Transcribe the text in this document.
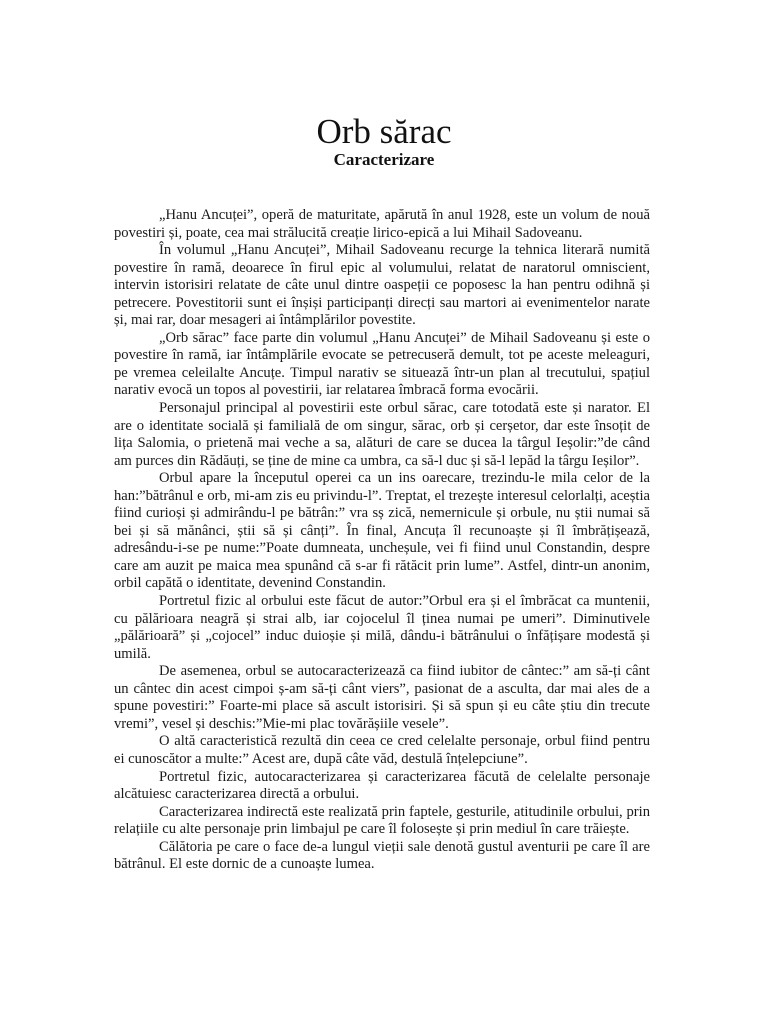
Orb sărac
Caracterizare

„Hanu Ancuței”, operă de maturitate, apărută în anul 1928, este un volum de nouă povestiri și, poate, cea mai strălucită creație lirico-epică a lui Mihail Sadoveanu.

În volumul „Hanu Ancuței”, Mihail Sadoveanu recurge la tehnica literară numită povestire în ramă, deoarece în firul epic al volumului, relatat de naratorul omniscient, intervin istorisiri relatate de câte unul dintre oaspeții ce poposesc la han pentru odihnă și petrecere. Povestitorii sunt ei înșiși participanți direcți sau martori ai evenimentelor narate și, mai rar, doar mesageri ai întâmplărilor povestite.

„Orb sărac” face parte din volumul „Hanu Ancuței” de Mihail Sadoveanu și este o povestire în ramă, iar întâmplările evocate se petrecuseră demult, tot pe aceste meleaguri, pe vremea celeilalte Ancuțe. Timpul narativ se situează într-un plan al trecutului, spațiul narativ evocă un topos al povestirii, iar relatarea îmbracă forma evocării.

Personajul principal al povestirii este orbul sărac, care totodată este și narator. El are o identitate socială și familială de om singur, sărac, orb și cerșetor, dar este însoțit de lița Salomia, o prietenă mai veche a sa, alături de care se ducea la târgul Ieșolir:”de când am purces din Rădăuți, se ține de mine ca umbra, ca să-l duc și să-l lepăd la târgu Ieșilor”.

Orbul apare la începutul operei ca un ins oarecare, trezindu-le mila celor de la han:”bătrânul e orb, mi-am zis eu privindu-l”. Treptat, el trezește interesul celorlalți, aceștia fiind curioși și admirându-l pe bătrân:” vra sș zică, nemernicule și orbule, nu știi numai să bei și să mănânci, știi să și cânți”. În final, Ancuța îl recunoaște și îl îmbrățișează, adresându-i-se pe nume:”Poate dumneata, uncheșule, vei fi fiind unul Constandin, despre care am auzit pe maica mea spunând că s-ar fi rătăcit prin lume”. Astfel, dintr-un anonim, orbil capătă o identitate, devenind Constandin.

Portretul fizic al orbului este făcut de autor:”Orbul era și el îmbrăcat ca muntenii, cu pălărioara neagră și strai alb, iar cojocelul îl ținea numai pe umeri”. Diminutivele „pălărioară” și „cojocel” induc duioșie și milă, dându-i bătrânului o înfățișare modestă și umilă.

De asemenea, orbul se autocaracterizează ca fiind iubitor de cântec:” am să-ți cânt un cântec din acest cimpoi ș-am să-ți cânt viers”, pasionat de a asculta, dar mai ales de a spune povestiri:” Foarte-mi place să ascult istorisiri. Și să spun și eu câte știu din trecute vremi”, vesel și deschis:”Mie-mi plac tovărășiile vesele”.

O altă caracteristică rezultă din ceea ce cred celelalte personaje, orbul fiind pentru ei cunoscător a multe:” Acest are, după câte văd, destulă înțelepciune”.

Portretul fizic, autocaracterizarea și caracterizarea făcută de celelalte personaje alcătuiesc caracterizarea directă a orbului.

Caracterizarea indirectă este realizată prin faptele, gesturile, atitudinile orbului, prin relațiile cu alte personaje prin limbajul pe care îl folosește și prin mediul în care trăiește.

Călătoria pe care o face de-a lungul vieții sale denotă gustul aventurii pe care îl are bătrânul. El este dornic de a cunoaște lumea.
